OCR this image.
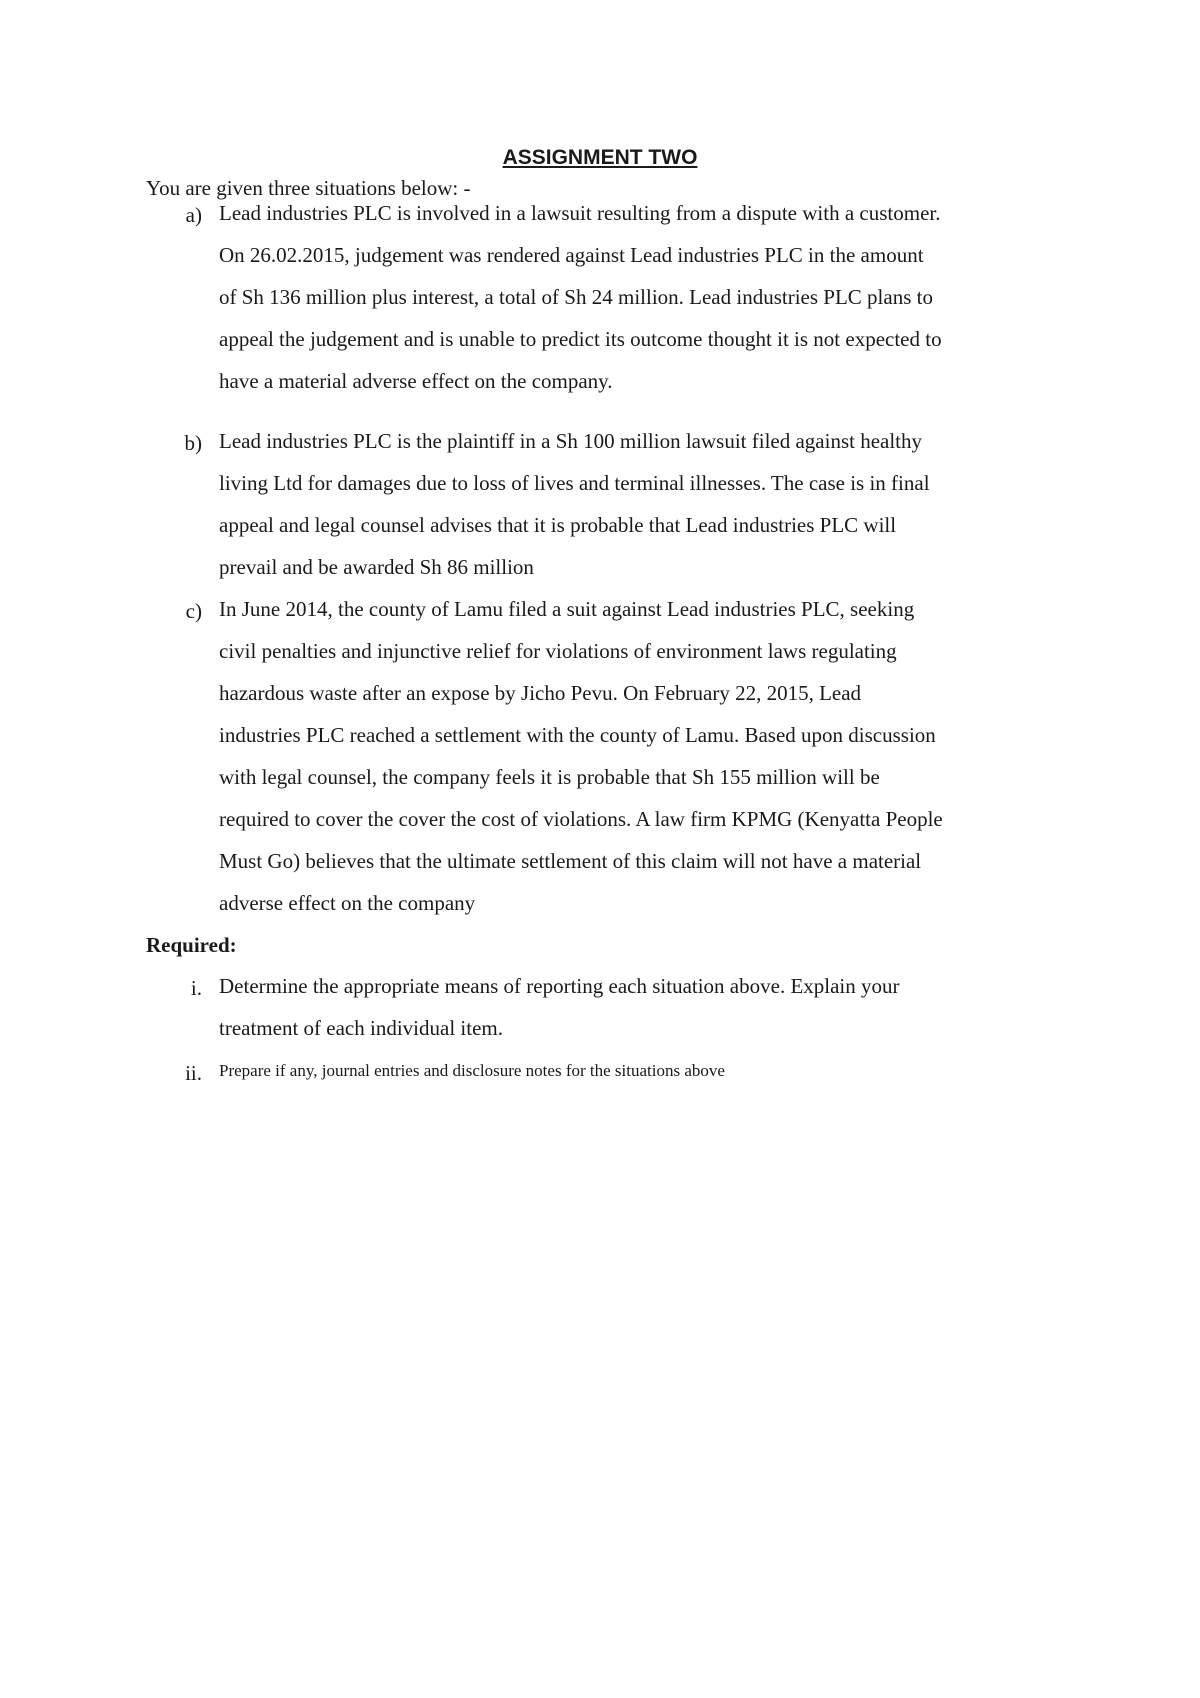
ASSIGNMENT TWO
You are given three situations below: -
a) Lead industries PLC is involved in a lawsuit resulting from a dispute with a customer.
On 26.02.2015, judgement was rendered against Lead industries PLC in the amount
of Sh 136 million plus interest, a total of Sh 24 million. Lead industries PLC plans to
appeal the judgement and is unable to predict its outcome thought it is not expected to
have a material adverse effect on the company.
b) Lead industries PLC is the plaintiff in a Sh 100 million lawsuit filed against healthy
living Ltd for damages due to loss of lives and terminal illnesses. The case is in final
appeal and legal counsel advises that it is probable that Lead industries PLC will
prevail and be awarded Sh 86 million
c) In June 2014, the county of Lamu filed a suit against Lead industries PLC, seeking
civil penalties and injunctive relief for violations of environment laws regulating
hazardous waste after an expose by Jicho Pevu. On February 22, 2015, Lead
industries PLC reached a settlement with the county of Lamu. Based upon discussion
with legal counsel, the company feels it is probable that Sh 155 million will be
required to cover the cover the cost of violations. A law firm KPMG (Kenyatta People
Must Go) believes that the ultimate settlement of this claim will not have a material
adverse effect on the company
Required:
i. Determine the appropriate means of reporting each situation above. Explain your
treatment of each individual item.
ii. Prepare if any, journal entries and disclosure notes for the situations above
